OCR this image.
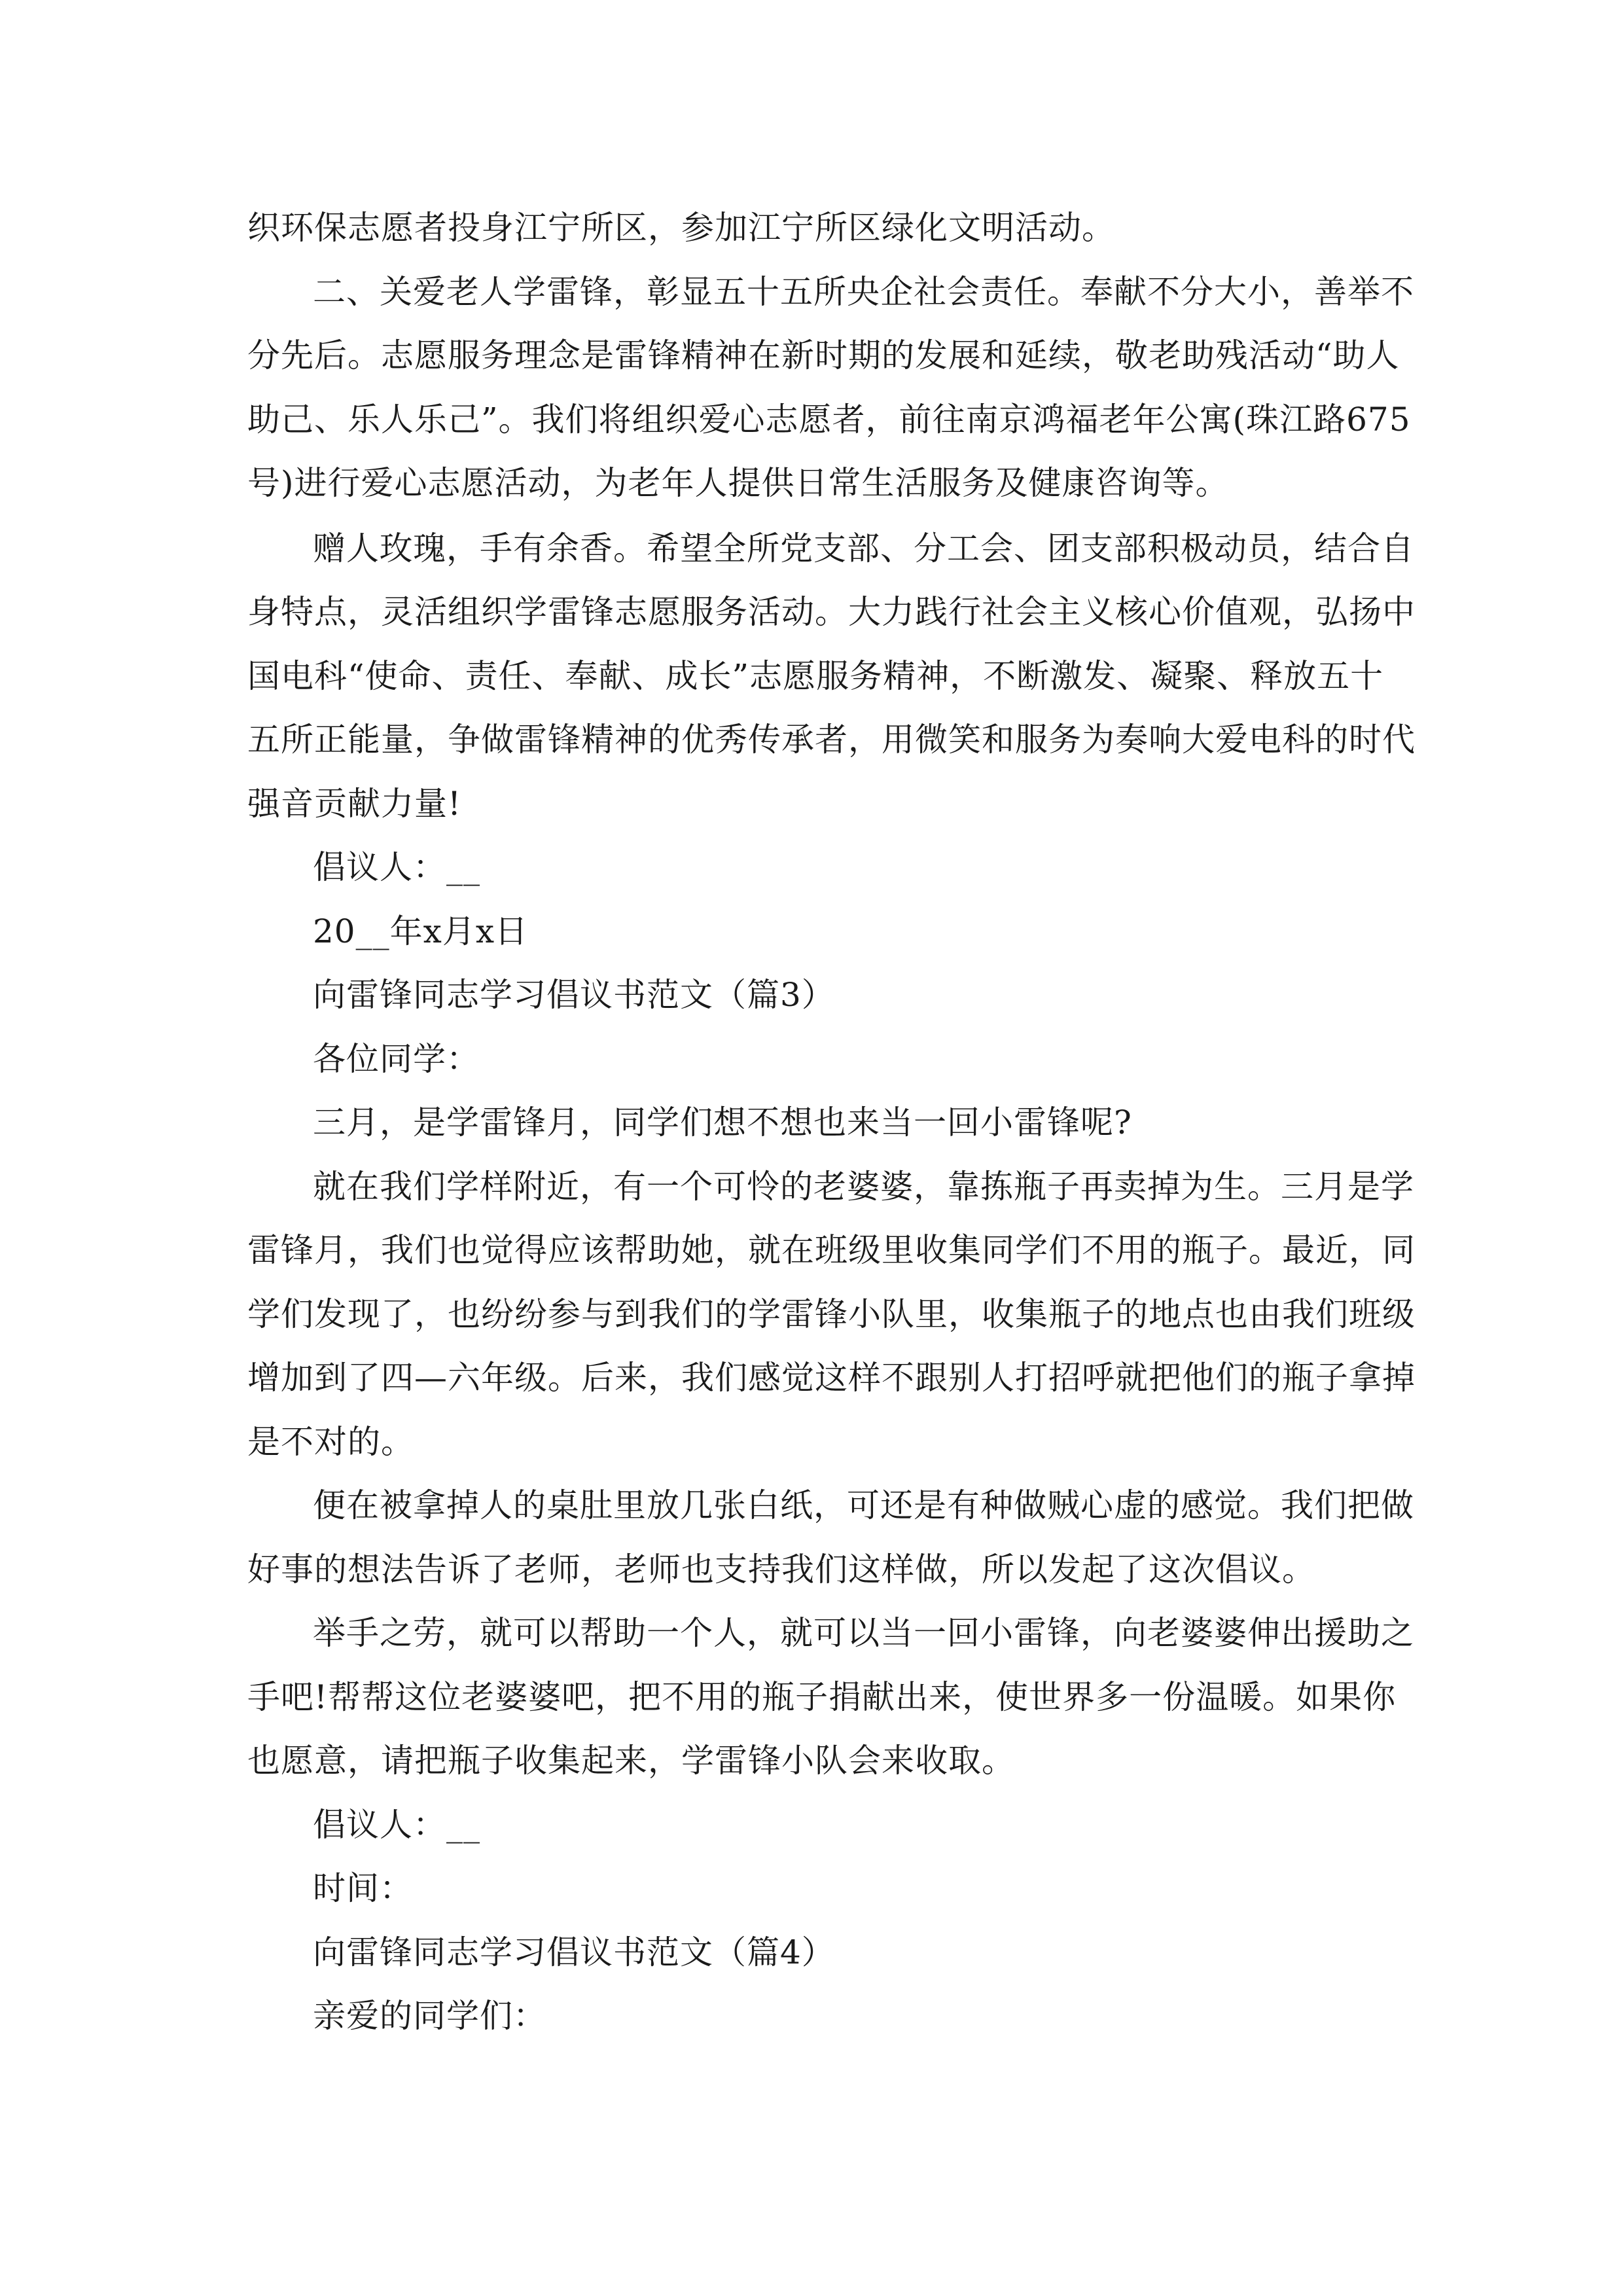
织环保志愿者投身江宁所区，参加江宁所区绿化文明活动。
二、关爱老人学雷锋，彰显五十五所央企社会责任。奉献不分大小，善举不
分先后。志愿服务理念是雷锋精神在新时期的发展和延续，敬老助残活动“助人
助己、乐人乐己”。我们将组织爱心志愿者，前往南京鸿福老年公寓(珠江路675
号)进行爱心志愿活动，为老年人提供日常生活服务及健康咨询等。
赠人玫瑰，手有余香。希望全所党支部、分工会、团支部积极动员，结合自
身特点，灵活组织学雷锋志愿服务活动。大力践行社会主义核心价值观，弘扬中
国电科“使命、责任、奉献、成长”志愿服务精神，不断激发、凝聚、释放五十
五所正能量，争做雷锋精神的优秀传承者，用微笑和服务为奏响大爱电科的时代
强音贡献力量!
倡议人：__
20__年x月x日
向雷锋同志学习倡议书范文（篇3）
各位同学：
三月，是学雷锋月，同学们想不想也来当一回小雷锋呢?
就在我们学样附近，有一个可怜的老婆婆，靠拣瓶子再卖掉为生。三月是学
雷锋月，我们也觉得应该帮助她，就在班级里收集同学们不用的瓶子。最近，同
学们发现了，也纷纷参与到我们的学雷锋小队里，收集瓶子的地点也由我们班级
增加到了四—六年级。后来，我们感觉这样不跟别人打招呼就把他们的瓶子拿掉
是不对的。
便在被拿掉人的桌肚里放几张白纸，可还是有种做贼心虚的感觉。我们把做
好事的想法告诉了老师，老师也支持我们这样做，所以发起了这次倡议。
举手之劳，就可以帮助一个人，就可以当一回小雷锋，向老婆婆伸出援助之
手吧!帮帮这位老婆婆吧，把不用的瓶子捐献出来，使世界多一份温暖。如果你
也愿意，请把瓶子收集起来，学雷锋小队会来收取。
倡议人：__
时间：
向雷锋同志学习倡议书范文（篇4）
亲爱的同学们：
